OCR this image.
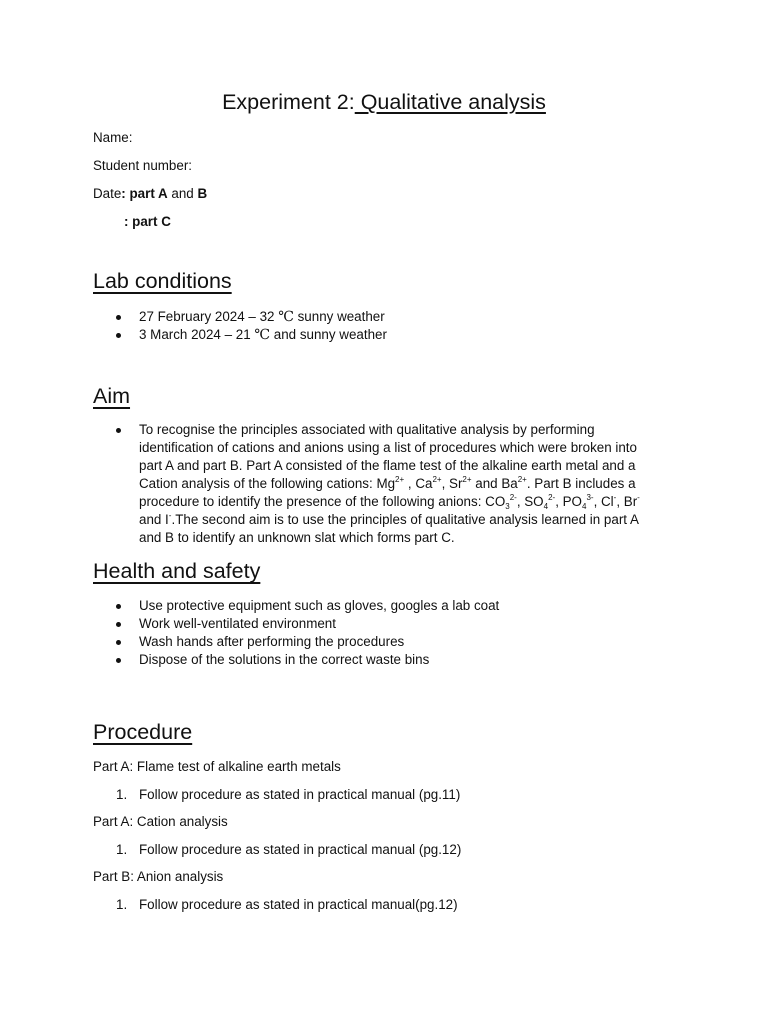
Experiment 2: Qualitative analysis
Name:
Student number:
Date: part A and B
: part C
Lab conditions
27 February 2024 – 32 ℃ sunny weather
3 March 2024 – 21 ℃ and sunny weather
Aim
To recognise the principles associated with qualitative analysis by performing
identification of cations and anions using a list of procedures which were broken into
part A and part B. Part A consisted of the flame test of the alkaline earth metal and a
Cation analysis of the following cations: $Mg^{2+}$ , $Ca^{2+}$, $Sr^{2+}$ and $Ba^{2+}$. Part B includes a
procedure to identify the presence of the following anions: $CO_3^{2-}$, $SO_4^{2-}$, $PO_4^{3-}$, Cl-, Br-
and I-.The second aim is to use the principles of qualitative analysis learned in part A
and B to identify an unknown slat which forms part C.
Health and safety
Use protective equipment such as gloves, googles a lab coat
Work well-ventilated environment
Wash hands after performing the procedures
Dispose of the solutions in the correct waste bins
Procedure
Part A: Flame test of alkaline earth metals
1. Follow procedure as stated in practical manual (pg.11)
Part A: Cation analysis
1. Follow procedure as stated in practical manual (pg.12)
Part B: Anion analysis
1. Follow procedure as stated in practical manual(pg.12)
